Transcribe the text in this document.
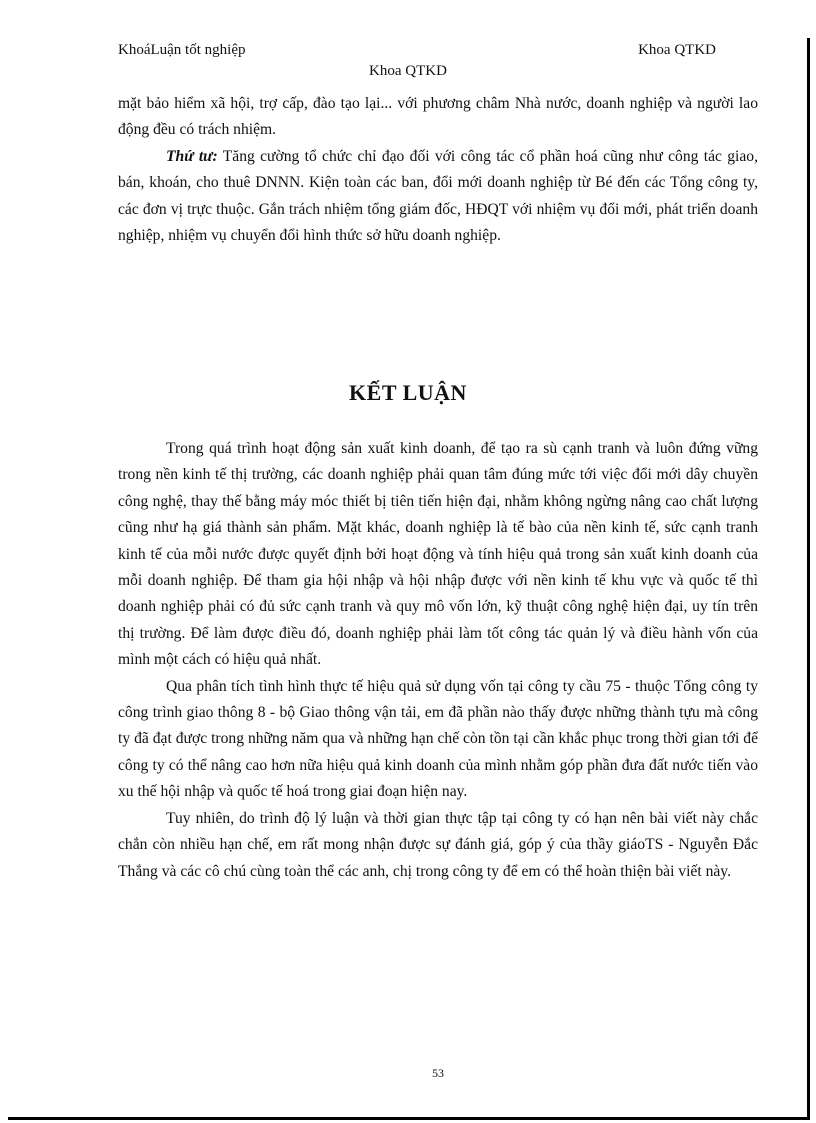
KhoáLuận tốt nghiệp	Khoa QTKD
Khoa QTKD

mặt bảo hiểm xã hội, trợ cấp, đào tạo lại... với phương châm Nhà nước, doanh nghiệp và người lao động đều có trách nhiệm.

Thứ tư: Tăng cường tổ chức chỉ đạo đối với công tác cổ phần hoá cũng như công tác giao, bán, khoán, cho thuê DNNN. Kiện toàn các ban, đổi mới doanh nghiệp từ Bé đến các Tổng công ty, các đơn vị trực thuộc. Gắn trách nhiệm tổng giám đốc, HĐQT với nhiệm vụ đổi mới, phát triển doanh nghiệp, nhiệm vụ chuyển đổi hình thức sở hữu doanh nghiệp.

KẾT LUẬN

Trong quá trình hoạt động sản xuất kinh doanh, để tạo ra sù cạnh tranh và luôn đứng vững trong nền kinh tế thị trường, các doanh nghiệp phải quan tâm đúng mức tới việc đổi mới dây chuyền công nghệ, thay thế bằng máy móc thiết bị tiên tiến hiện đại, nhằm không ngừng nâng cao chất lượng cũng như hạ giá thành sản phẩm. Mặt khác, doanh nghiệp là tế bào của nền kinh tế, sức cạnh tranh kinh tế của mỗi nước được quyết định bởi hoạt động và tính hiệu quả trong sản xuất kinh doanh của mỗi doanh nghiệp. Để tham gia hội nhập và hội nhập được với nền kinh tế khu vực và quốc tế thì doanh nghiệp phải có đủ sức cạnh tranh và quy mô vốn lớn, kỹ thuật công nghệ hiện đại, uy tín trên thị trường. Để làm được điều đó, doanh nghiệp phải làm tốt công tác quản lý và điều hành vốn của mình một cách có hiệu quả nhất.

Qua phân tích tình hình thực tế hiệu quả sử dụng vốn tại công ty cầu 75 - thuộc Tổng công ty công trình giao thông 8 - bộ Giao thông vận tải, em đã phần nào thấy được những thành tựu mà công ty đã đạt được trong những năm qua và những hạn chế còn tồn tại cần khắc phục trong thời gian tới để công ty có thể nâng cao hơn nữa hiệu quả kinh doanh của mình nhằm góp phần đưa đất nước tiến vào xu thế hội nhập và quốc tế hoá trong giai đoạn hiện nay.

Tuy nhiên, do trình độ lý luận và thời gian thực tập tại công ty có hạn nên bài viết này chắc chắn còn nhiều hạn chế, em rất mong nhận được sự đánh giá, góp ý của thầy giáoTS - Nguyễn Đắc Thắng và các cô chú cùng toàn thể các anh, chị trong công ty để em có thể hoàn thiện bài viết này.

53
